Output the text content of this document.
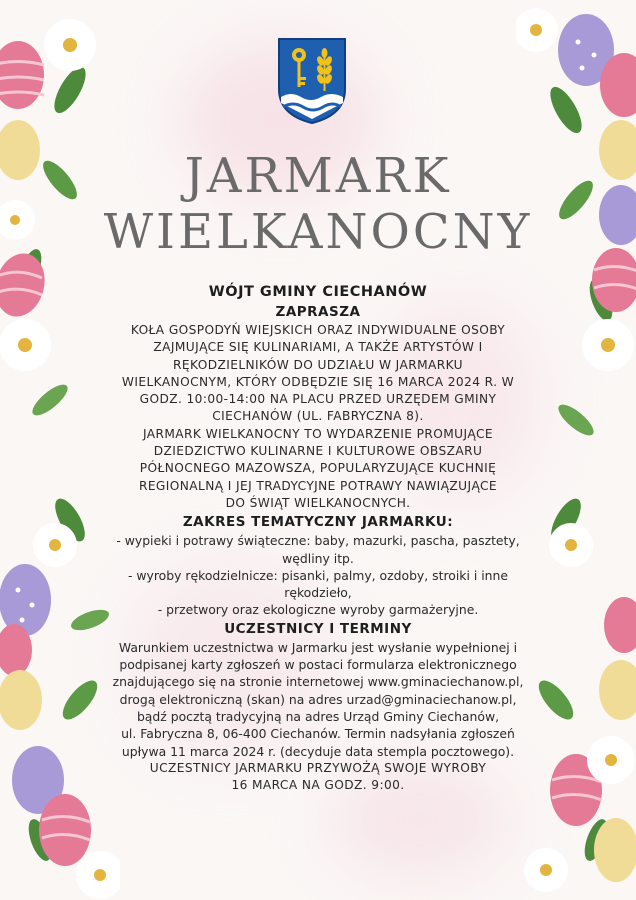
JARMARK
WIELKANOCNY

WÓJT GMINY CIECHANÓW

ZAPRASZA

KOŁA GOSPODYŃ WIEJSKICH ORAZ INDYWIDUALNE OSOBY

ZAJMUJĄCE SIĘ KULINARIAMI, A TAKŻE ARTYSTÓW I

RĘKODZIELNIKÓW DO UDZIAŁU W JARMARKU

WIELKANOCNYM, KTÓRY ODBĘDZIE SIĘ 16 MARCA 2024 R. W

GODZ. 10:00-14:00 NA PLACU PRZED URZĘDEM GMINY

CIECHANÓW (UL. FABRYCZNA 8).

JARMARK WIELKANOCNY TO WYDARZENIE PROMUJĄCE

DZIEDZICTWO KULINARNE I KULTUROWE OBSZARU

PÓŁNOCNEGO MAZOWSZA, POPULARYZUJĄCE KUCHNIĘ

REGIONALNĄ I JEJ TRADYCYJNE POTRAWY NAWIĄZUJĄCE

DO ŚWIĄT WIELKANOCNYCH.

ZAKRES TEMATYCZNY JARMARKU:

- wypieki i potrawy świąteczne: baby, mazurki, pascha, pasztety,

wędliny itp.

- wyroby rękodzielnicze: pisanki, palmy, ozdoby, stroiki i inne

rękodzieło,

- przetwory oraz ekologiczne wyroby garmażeryjne.

UCZESTNICY I TERMINY

Warunkiem uczestnictwa w Jarmarku jest wysłanie wypełnionej i

podpisanej karty zgłoszeń w postaci formularza elektronicznego

znajdującego się na stronie internetowej www.gminaciechanow.pl,

drogą elektroniczną (skan) na adres urzad@gminaciechanow.pl,

bądź pocztą tradycyjną na adres Urząd Gminy Ciechanów,

ul. Fabryczna 8, 06-400 Ciechanów. Termin nadsyłania zgłoszeń

upływa 11 marca 2024 r. (decyduje data stempla pocztowego).

UCZESTNICY JARMARKU PRZYWOŻĄ SWOJE WYROBY

16 MARCA NA GODZ. 9:00.
